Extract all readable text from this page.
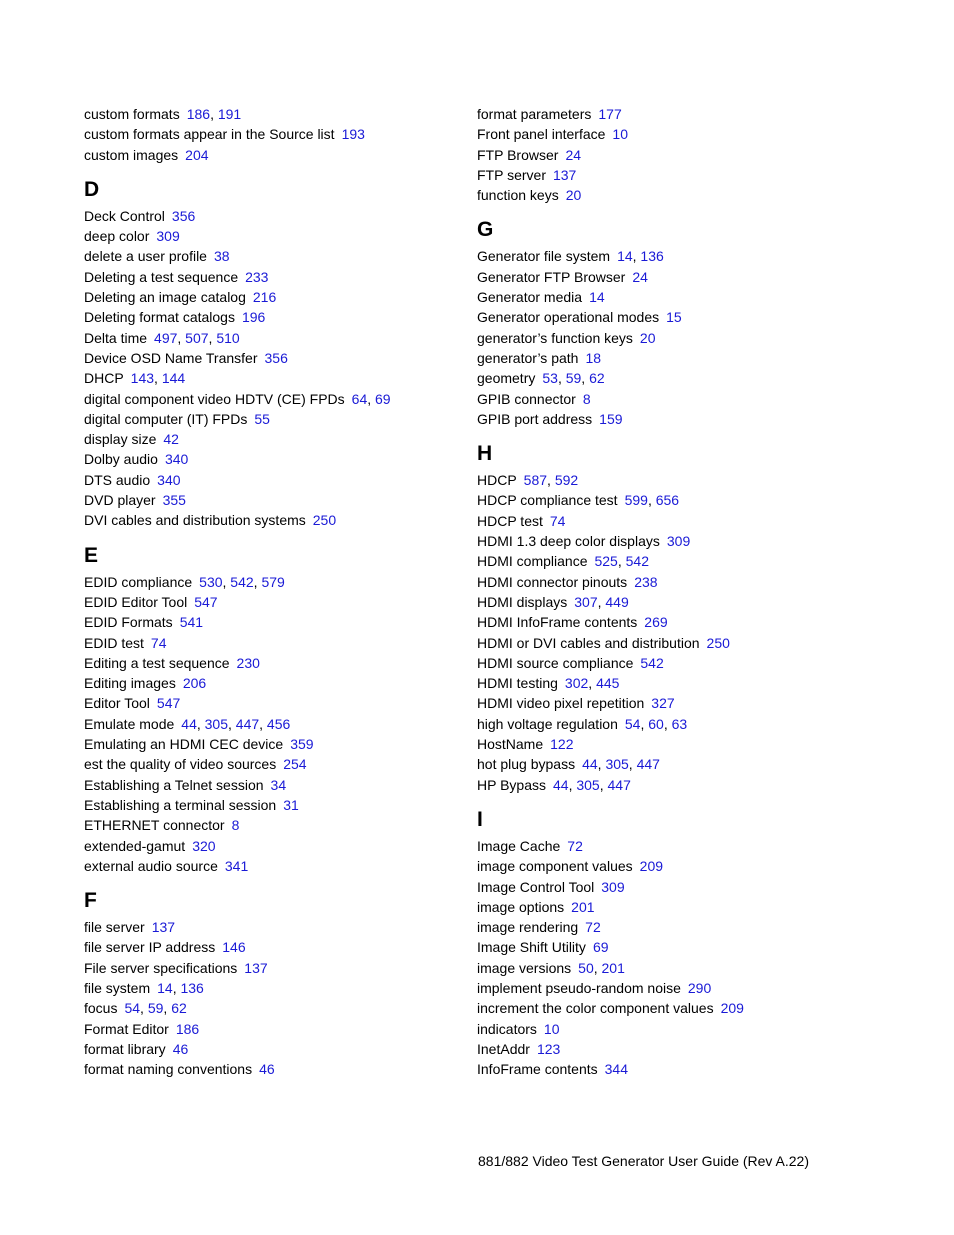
custom formats 186, 191
custom formats appear in the Source list 193
custom images 204
D
Deck Control 356
deep color 309
delete a user profile 38
Deleting a test sequence 233
Deleting an image catalog 216
Deleting format catalogs 196
Delta time 497, 507, 510
Device OSD Name Transfer 356
DHCP 143, 144
digital component video HDTV (CE) FPDs 64, 69
digital computer (IT) FPDs 55
display size 42
Dolby audio 340
DTS audio 340
DVD player 355
DVI cables and distribution systems 250
E
EDID compliance 530, 542, 579
EDID Editor Tool 547
EDID Formats 541
EDID test 74
Editing a test sequence 230
Editing images 206
Editor Tool 547
Emulate mode 44, 305, 447, 456
Emulating an HDMI CEC device 359
est the quality of video sources 254
Establishing a Telnet session 34
Establishing a terminal session 31
ETHERNET connector 8
extended-gamut 320
external audio source 341
F
file server 137
file server IP address 146
File server specifications 137
file system 14, 136
focus 54, 59, 62
Format Editor 186
format library 46
format naming conventions 46
format parameters 177
Front panel interface 10
FTP Browser 24
FTP server 137
function keys 20
G
Generator file system 14, 136
Generator FTP Browser 24
Generator media 14
Generator operational modes 15
generator’s function keys 20
generator’s path 18
geometry 53, 59, 62
GPIB connector 8
GPIB port address 159
H
HDCP 587, 592
HDCP compliance test 599, 656
HDCP test 74
HDMI 1.3 deep color displays 309
HDMI compliance 525, 542
HDMI connector pinouts 238
HDMI displays 307, 449
HDMI InfoFrame contents 269
HDMI or DVI cables and distribution 250
HDMI source compliance 542
HDMI testing 302, 445
HDMI video pixel repetition 327
high voltage regulation 54, 60, 63
HostName 122
hot plug bypass 44, 305, 447
HP Bypass 44, 305, 447
I
Image Cache 72
image component values 209
Image Control Tool 309
image options 201
image rendering 72
Image Shift Utility 69
image versions 50, 201
implement pseudo-random noise 290
increment the color component values 209
indicators 10
InetAddr 123
InfoFrame contents 344
881/882 Video Test Generator User Guide (Rev A.22)
